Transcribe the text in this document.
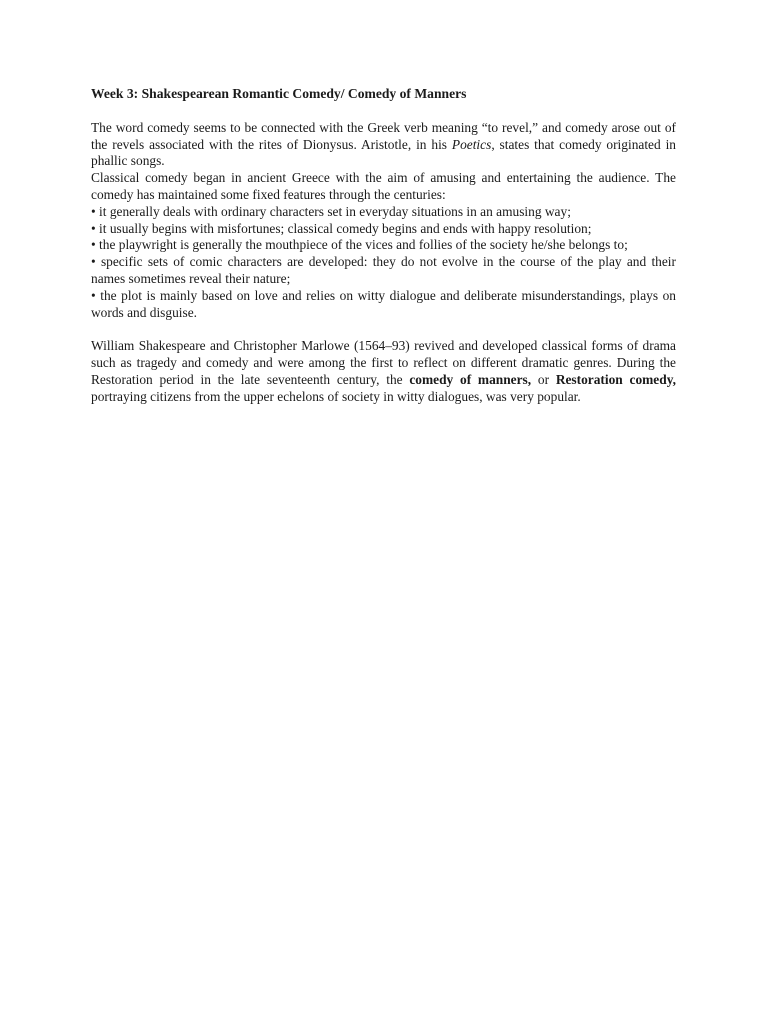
Week 3: Shakespearean Romantic Comedy/ Comedy of Manners

The word comedy seems to be connected with the Greek verb meaning “to revel,” and comedy arose out of the revels associated with the rites of Dionysus. Aristotle, in his Poetics, states that comedy originated in phallic songs.

Classical comedy began in ancient Greece with the aim of amusing and entertaining the audience. The comedy has maintained some fixed features through the centuries:

• it generally deals with ordinary characters set in everyday situations in an amusing way;

• it usually begins with misfortunes; classical comedy begins and ends with happy resolution;

• the playwright is generally the mouthpiece of the vices and follies of the society he/she belongs to;

• specific sets of comic characters are developed: they do not evolve in the course of the play and their names sometimes reveal their nature;

• the plot is mainly based on love and relies on witty dialogue and deliberate misunderstandings, plays on words and disguise.

William Shakespeare and Christopher Marlowe (1564–93) revived and developed classical forms of drama such as tragedy and comedy and were among the first to reflect on different dramatic genres. During the Restoration period in the late seventeenth century, the comedy of manners, or Restoration comedy, portraying citizens from the upper echelons of society in witty dialogues, was very popular.
